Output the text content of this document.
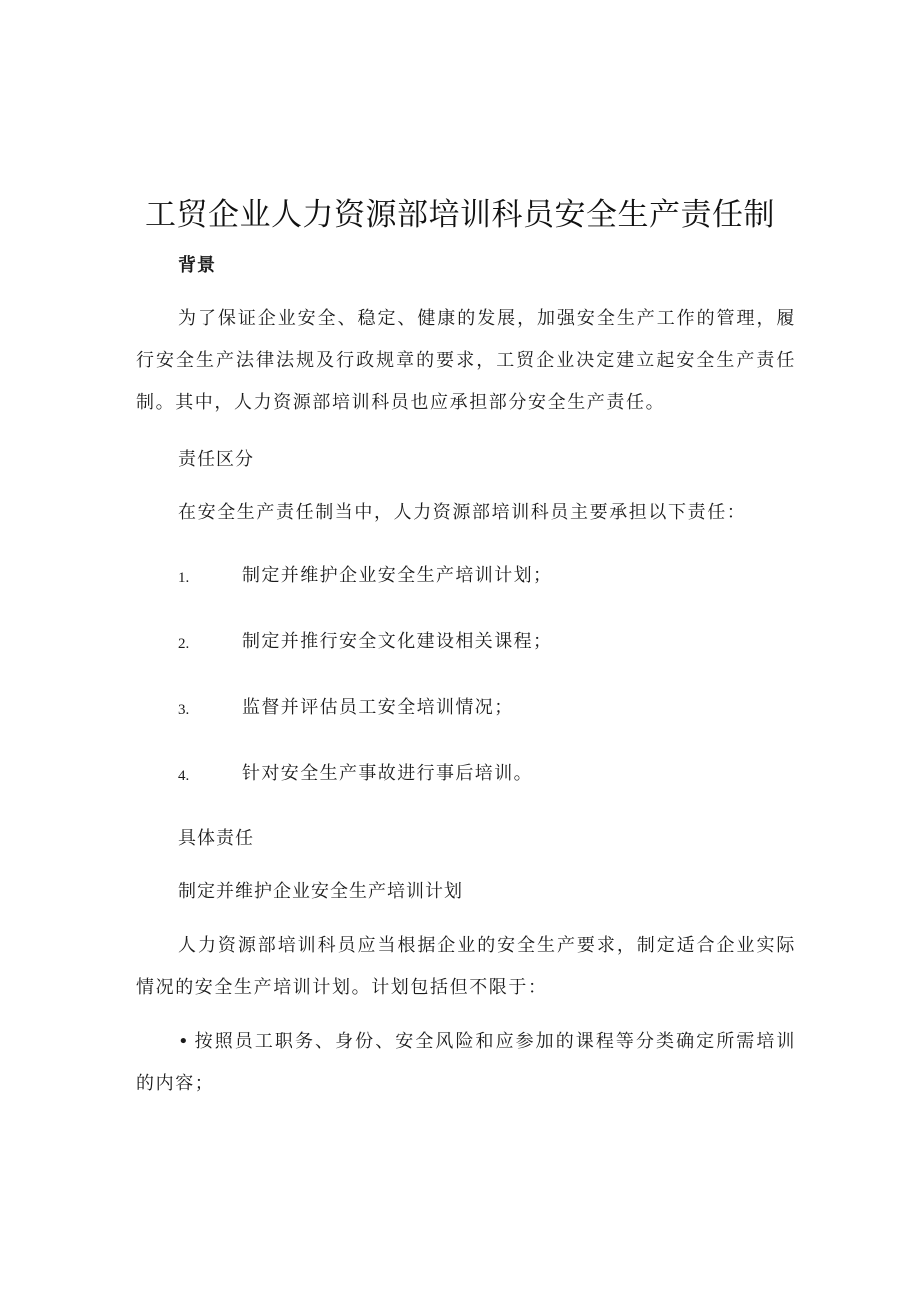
工贸企业人力资源部培训科员安全生产责任制
背景

为了保证企业安全、稳定、健康的发展，加强安全生产工作的管理，履行安全生产法律法规及行政规章的要求，工贸企业决定建立起安全生产责任制。其中，人力资源部培训科员也应承担部分安全生产责任。

责任区分

在安全生产责任制当中，人力资源部培训科员主要承担以下责任：

1.	制定并维护企业安全生产培训计划；
2.	制定并推行安全文化建设相关课程；
3.	监督并评估员工安全培训情况；
4.	针对安全生产事故进行事后培训。
具体责任
制定并维护企业安全生产培训计划

人力资源部培训科员应当根据企业的安全生产要求，制定适合企业实际情况的安全生产培训计划。计划包括但不限于：

• 按照员工职务、身份、安全风险和应参加的课程等分类确定所需培训的内容；
